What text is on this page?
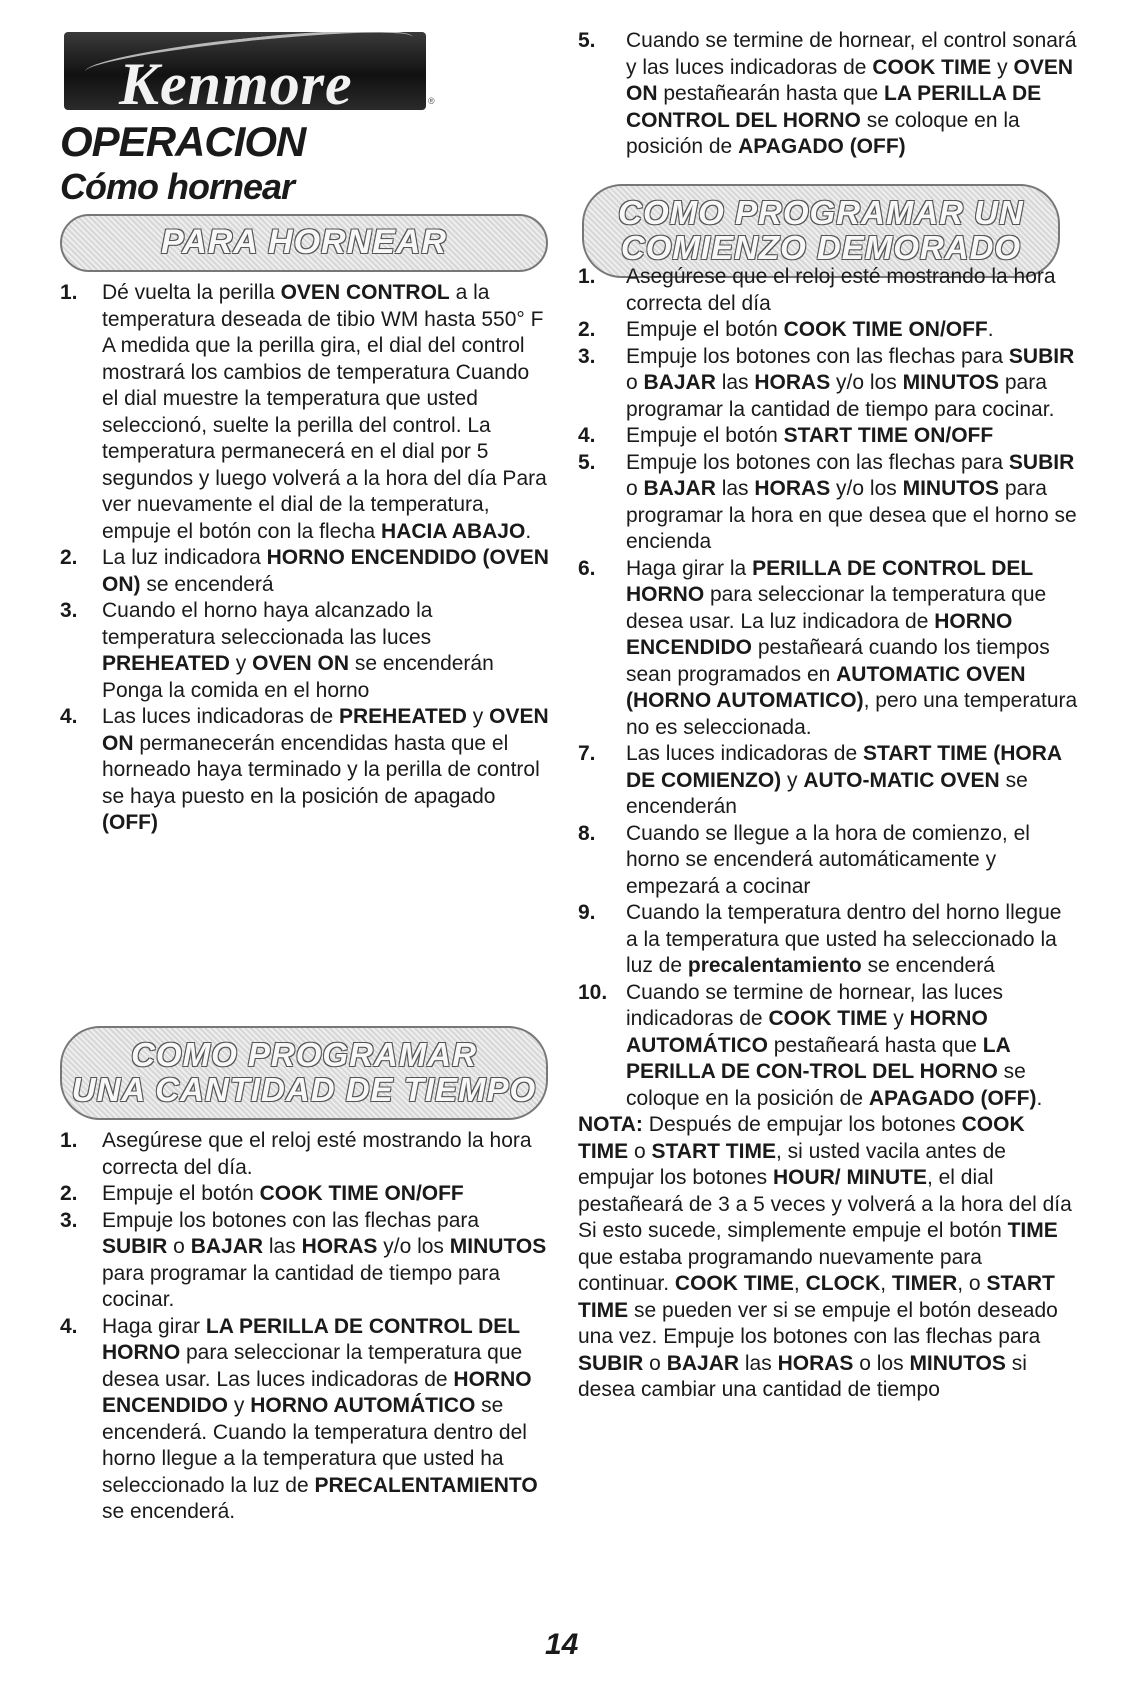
Kenmore	®
OPERACION
Cómo hornear
PARA HORNEAR
1. Dé vuelta la perilla OVEN CONTROL a la temperatura deseada de tibio WM hasta 550° F A medida que la perilla gira, el dial del control mostrará los cambios de temperatura Cuando el dial muestre la temperatura que usted seleccionó, suelte la perilla del control. La temperatura permanecerá en el dial por 5 segundos y luego volverá a la hora del día Para ver nuevamente el dial de la temperatura, empuje el botón con la flecha HACIA ABAJO.
2. La luz indicadora HORNO ENCENDIDO (OVEN ON) se encenderá
3. Cuando el horno haya alcanzado la temperatura seleccionada las luces PREHEATED y OVEN ON se encenderán Ponga la comida en el horno
4. Las luces indicadoras de PREHEATED y OVEN ON permanecerán encendidas hasta que el horneado haya terminado y la perilla de control se haya puesto en la posición de apagado (OFF)
COMO PROGRAMAR
UNA CANTIDAD DE TIEMPO
1. Asegúrese que el reloj esté mostrando la hora correcta del día.
2. Empuje el botón COOK TIME ON/OFF
3. Empuje los botones con las flechas para SUBIR o BAJAR las HORAS y/o los MINUTOS para programar la cantidad de tiempo para cocinar.
4. Haga girar LA PERILLA DE CONTROL DEL HORNO para seleccionar la temperatura que desea usar. Las luces indicadoras de HORNO ENCENDIDO y HORNO AUTOMÁTICO se encenderá. Cuando la temperatura dentro del horno llegue a la temperatura que usted ha seleccionado la luz de PRECALENTAMIENTO se encenderá.
5. Cuando se termine de hornear, el control sonará y las luces indicadoras de COOK TIME y OVEN ON pestañearán hasta que LA PERILLA DE CONTROL DEL HORNO se coloque en la posición de APAGADO (OFF)
COMO PROGRAMAR UN
COMIENZO DEMORADO
1. Asegúrese que el reloj esté mostrando la hora correcta del día
2. Empuje el botón COOK TIME ON/OFF.
3. Empuje los botones con las flechas para SUBIR o BAJAR las HORAS y/o los MINUTOS para programar la cantidad de tiempo para cocinar.
4. Empuje el botón START TIME ON/OFF
5. Empuje los botones con las flechas para SUBIR o BAJAR las HORAS y/o los MINUTOS para programar la hora en que desea que el horno se encienda
6. Haga girar la PERILLA DE CONTROL DEL HORNO para seleccionar la temperatura que desea usar. La luz indicadora de HORNO ENCENDIDO pestañeará cuando los tiempos sean programados en AUTOMATIC OVEN (HORNO AUTOMATICO), pero una temperatura no es seleccionada.
7. Las luces indicadoras de START TIME (HORA DE COMIENZO) y AUTO-MATIC OVEN se encenderán
8. Cuando se llegue a la hora de comienzo, el horno se encenderá automáticamente y empezará a cocinar
9. Cuando la temperatura dentro del horno llegue a la temperatura que usted ha seleccionado la luz de precalentamiento se encenderá
10. Cuando se termine de hornear, las luces indicadoras de COOK TIME y HORNO AUTOMÁTICO pestañeará hasta que LA PERILLA DE CON-TROL DEL HORNO se coloque en la posición de APAGADO (OFF).

NOTA: Después de empujar los botones COOK TIME o START TIME, si usted vacila antes de empujar los botones HOUR/ MINUTE, el dial pestañeará de 3 a 5 veces y volverá a la hora del día Si esto sucede, simplemente empuje el botón TIME que estaba programando nuevamente para continuar. COOK TIME, CLOCK, TIMER, o START TIME se pueden ver si se empuje el botón deseado una vez. Empuje los botones con las flechas para SUBIR o BAJAR las HORAS o los MINUTOS si desea cambiar una cantidad de tiempo

14
